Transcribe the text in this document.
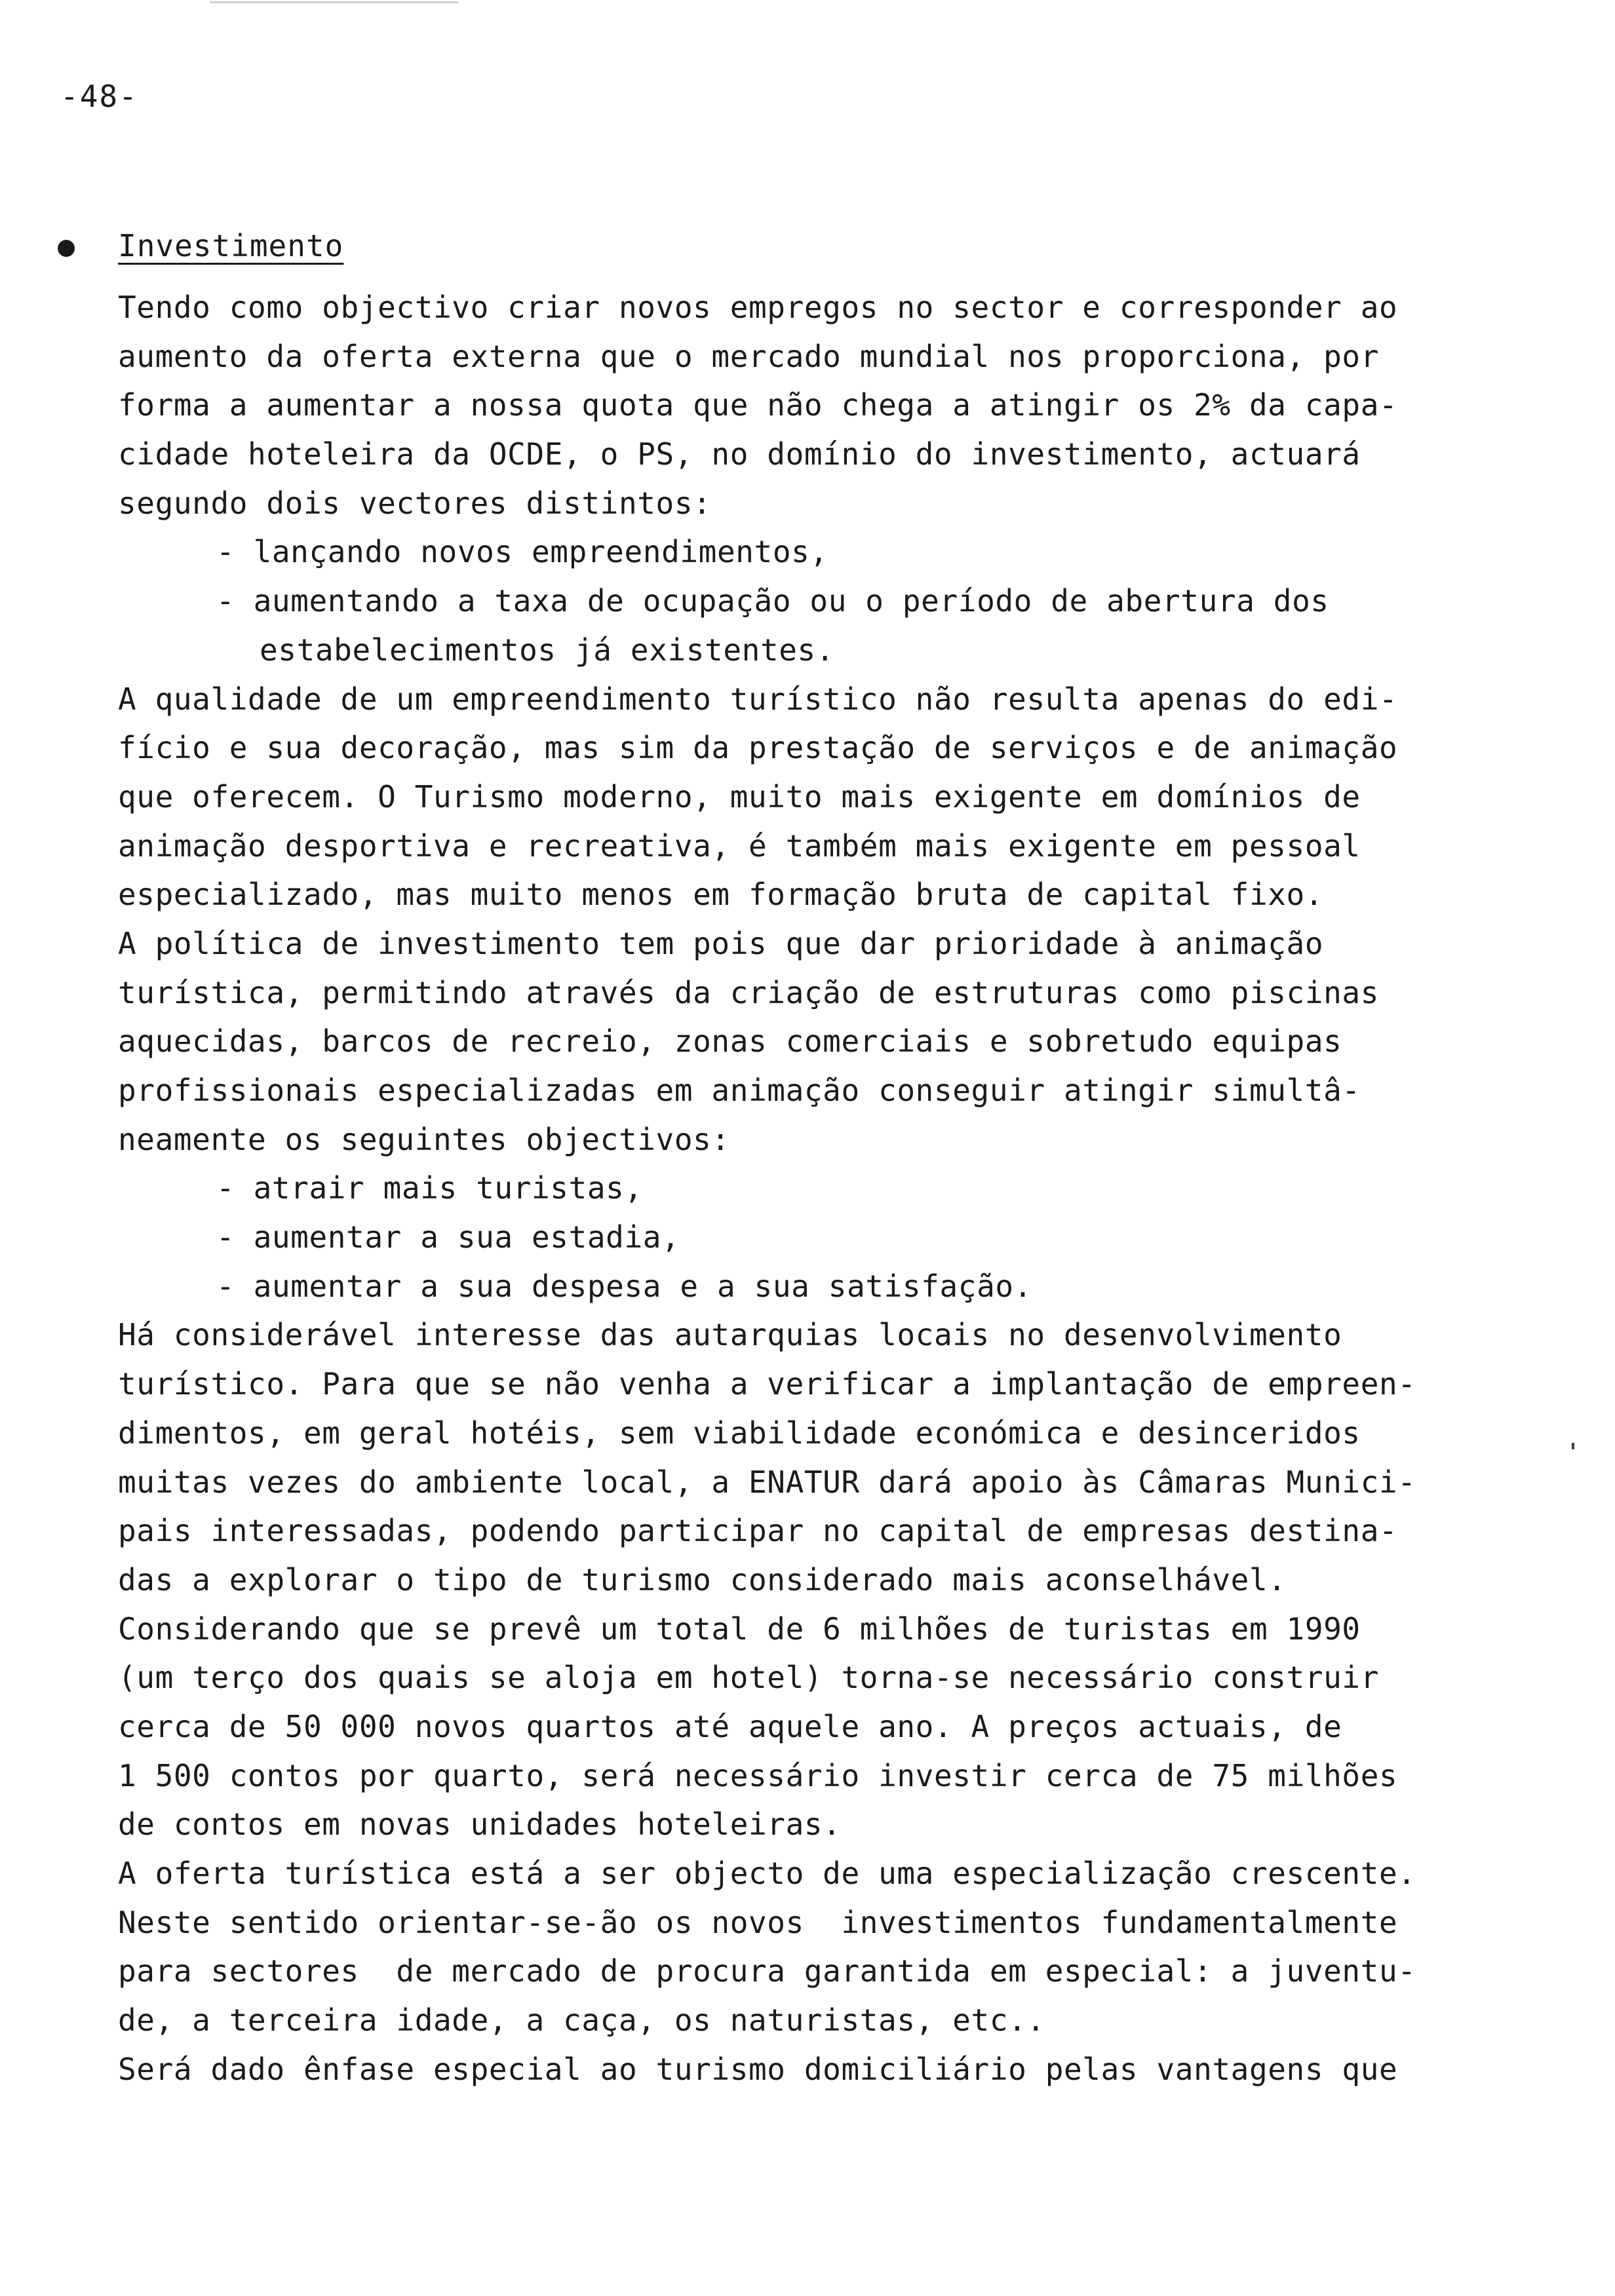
-48-
Investimento
Tendo como objectivo criar novos empregos no sector e corresponder ao
aumento da oferta externa que o mercado mundial nos proporciona, por
forma a aumentar a nossa quota que não chega a atingir os 2% da capa-
cidade hoteleira da OCDE, o PS, no domínio do investimento, actuará
segundo dois vectores distintos:
- lançando novos empreendimentos,
- aumentando a taxa de ocupação ou o período de abertura dos
estabelecimentos já existentes.
A qualidade de um empreendimento turístico não resulta apenas do edi-
fício e sua decoração, mas sim da prestação de serviços e de animação
que oferecem. O Turismo moderno, muito mais exigente em domínios de
animação desportiva e recreativa, é também mais exigente em pessoal
especializado, mas muito menos em formação bruta de capital fixo.
A política de investimento tem pois que dar prioridade à animação
turística, permitindo através da criação de estruturas como piscinas
aquecidas, barcos de recreio, zonas comerciais e sobretudo equipas
profissionais especializadas em animação conseguir atingir simultâ-
neamente os seguintes objectivos:
- atrair mais turistas,
- aumentar a sua estadia,
- aumentar a sua despesa e a sua satisfação.
Há considerável interesse das autarquias locais no desenvolvimento
turístico. Para que se não venha a verificar a implantação de empreen-
dimentos, em geral hotéis, sem viabilidade económica e desinceridos
muitas vezes do ambiente local, a ENATUR dará apoio às Câmaras Munici-
pais interessadas, podendo participar no capital de empresas destina-
das a explorar o tipo de turismo considerado mais aconselhável.
Considerando que se prevê um total de 6 milhões de turistas em 1990
(um terço dos quais se aloja em hotel) torna-se necessário construir
cerca de 50 000 novos quartos até aquele ano. A preços actuais, de
1 500 contos por quarto, será necessário investir cerca de 75 milhões
de contos em novas unidades hoteleiras.
A oferta turística está a ser objecto de uma especialização crescente.
Neste sentido orientar-se-ão os novos  investimentos fundamentalmente
para sectores  de mercado de procura garantida em especial: a juventu-
de, a terceira idade, a caça, os naturistas, etc..
Será dado ênfase especial ao turismo domiciliário pelas vantagens que
